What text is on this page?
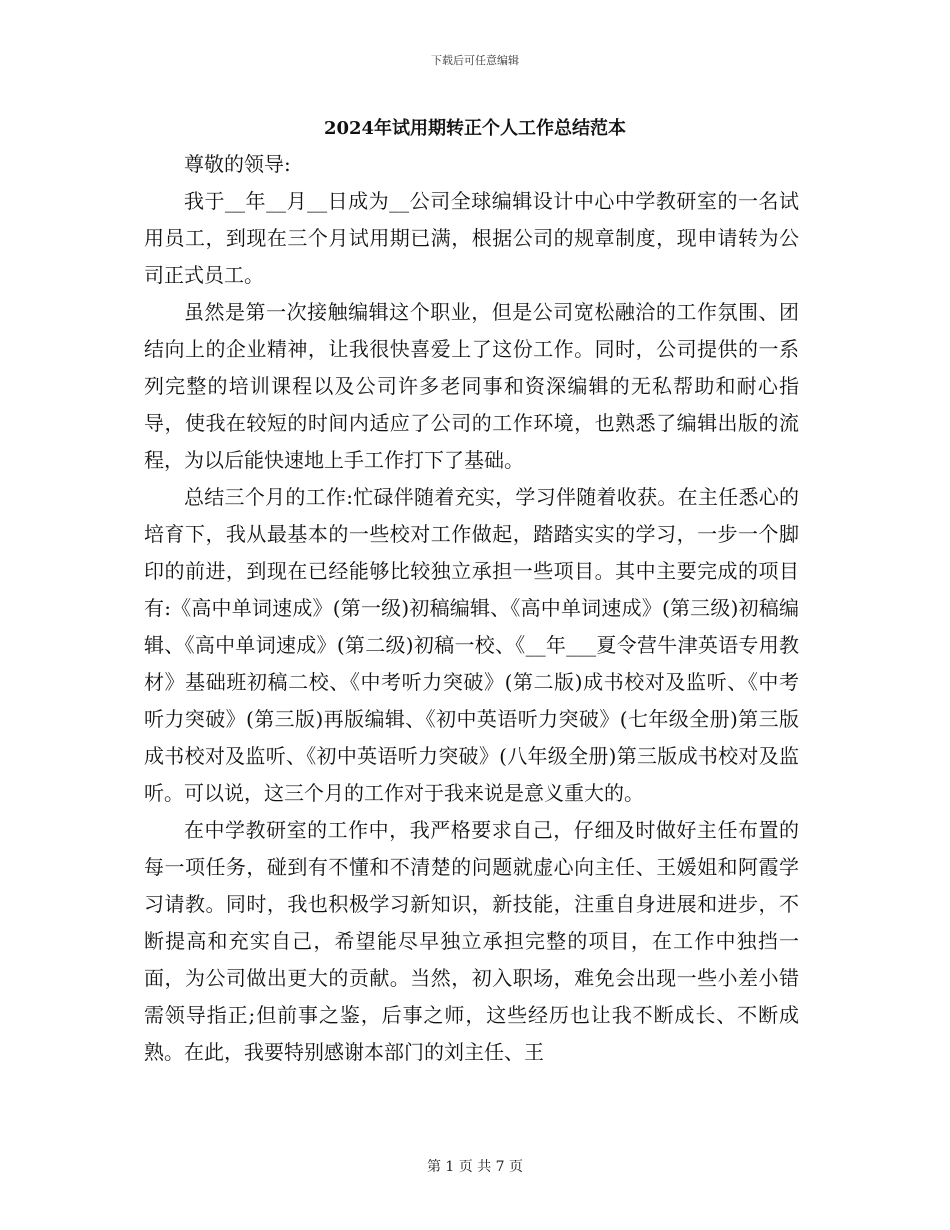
下载后可任意编辑
2024年试用期转正个人工作总结范本

尊敬的领导:

我于__年__月__日成为__公司全球编辑设计中心中学教研室的一名试用员工，到现在三个月试用期已满，根据公司的规章制度，现申请转为公司正式员工。

虽然是第一次接触编辑这个职业，但是公司宽松融洽的工作氛围、团结向上的企业精神，让我很快喜爱上了这份工作。同时，公司提供的一系列完整的培训课程以及公司许多老同事和资深编辑的无私帮助和耐心指导，使我在较短的时间内适应了公司的工作环境，也熟悉了编辑出版的流程，为以后能快速地上手工作打下了基础。

总结三个月的工作:忙碌伴随着充实，学习伴随着收获。在主任悉心的培育下，我从最基本的一些校对工作做起，踏踏实实的学习，一步一个脚印的前进，到现在已经能够比较独立承担一些项目。其中主要完成的项目有:《高中单词速成》(第一级)初稿编辑、《高中单词速成》(第三级)初稿编辑、《高中单词速成》(第二级)初稿一校、《__年___夏令营牛津英语专用教材》基础班初稿二校、《中考听力突破》(第二版)成书校对及监听、《中考听力突破》(第三版)再版编辑、《初中英语听力突破》(七年级全册)第三版成书校对及监听、《初中英语听力突破》(八年级全册)第三版成书校对及监听。可以说，这三个月的工作对于我来说是意义重大的。

在中学教研室的工作中，我严格要求自己，仔细及时做好主任布置的每一项任务，碰到有不懂和不清楚的问题就虚心向主任、王媛姐和阿霞学习请教。同时，我也积极学习新知识，新技能，注重自身进展和进步，不断提高和充实自己，希望能尽早独立承担完整的项目，在工作中独挡一面，为公司做出更大的贡献。当然，初入职场，难免会出现一些小差小错需领导指正;但前事之鉴，后事之师，这些经历也让我不断成长、不断成熟。在此，我要特别感谢本部门的刘主任、王

第 1 页 共 7 页
